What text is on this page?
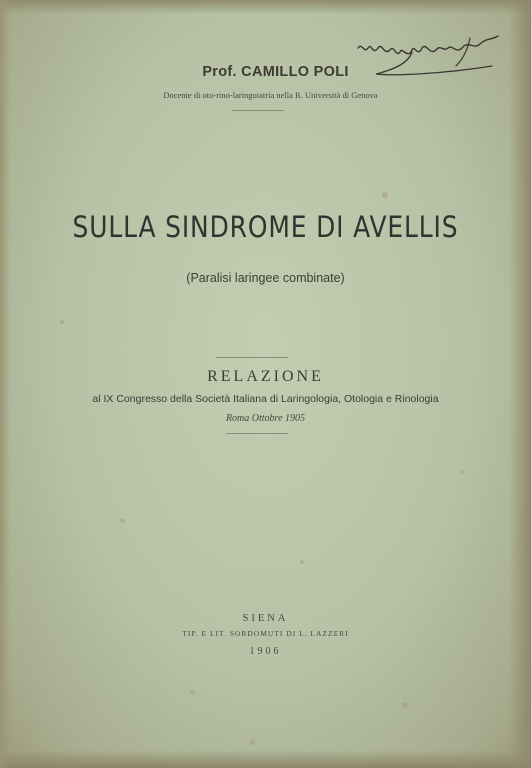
Prof. CAMILLO POLI
Docente di oto-rino-laringoiatria nella R. Università di Genova
SULLA SINDROME DI AVELLIS
(Paralisi laringee combinate)
RELAZIONE
al IX Congresso della Società Italiana di Laringologia, Otologia e Rinologia
Roma Ottobre 1905
SIENA
TIP. E LIT. SORDOMUTI DI L. LAZZERI
1906
